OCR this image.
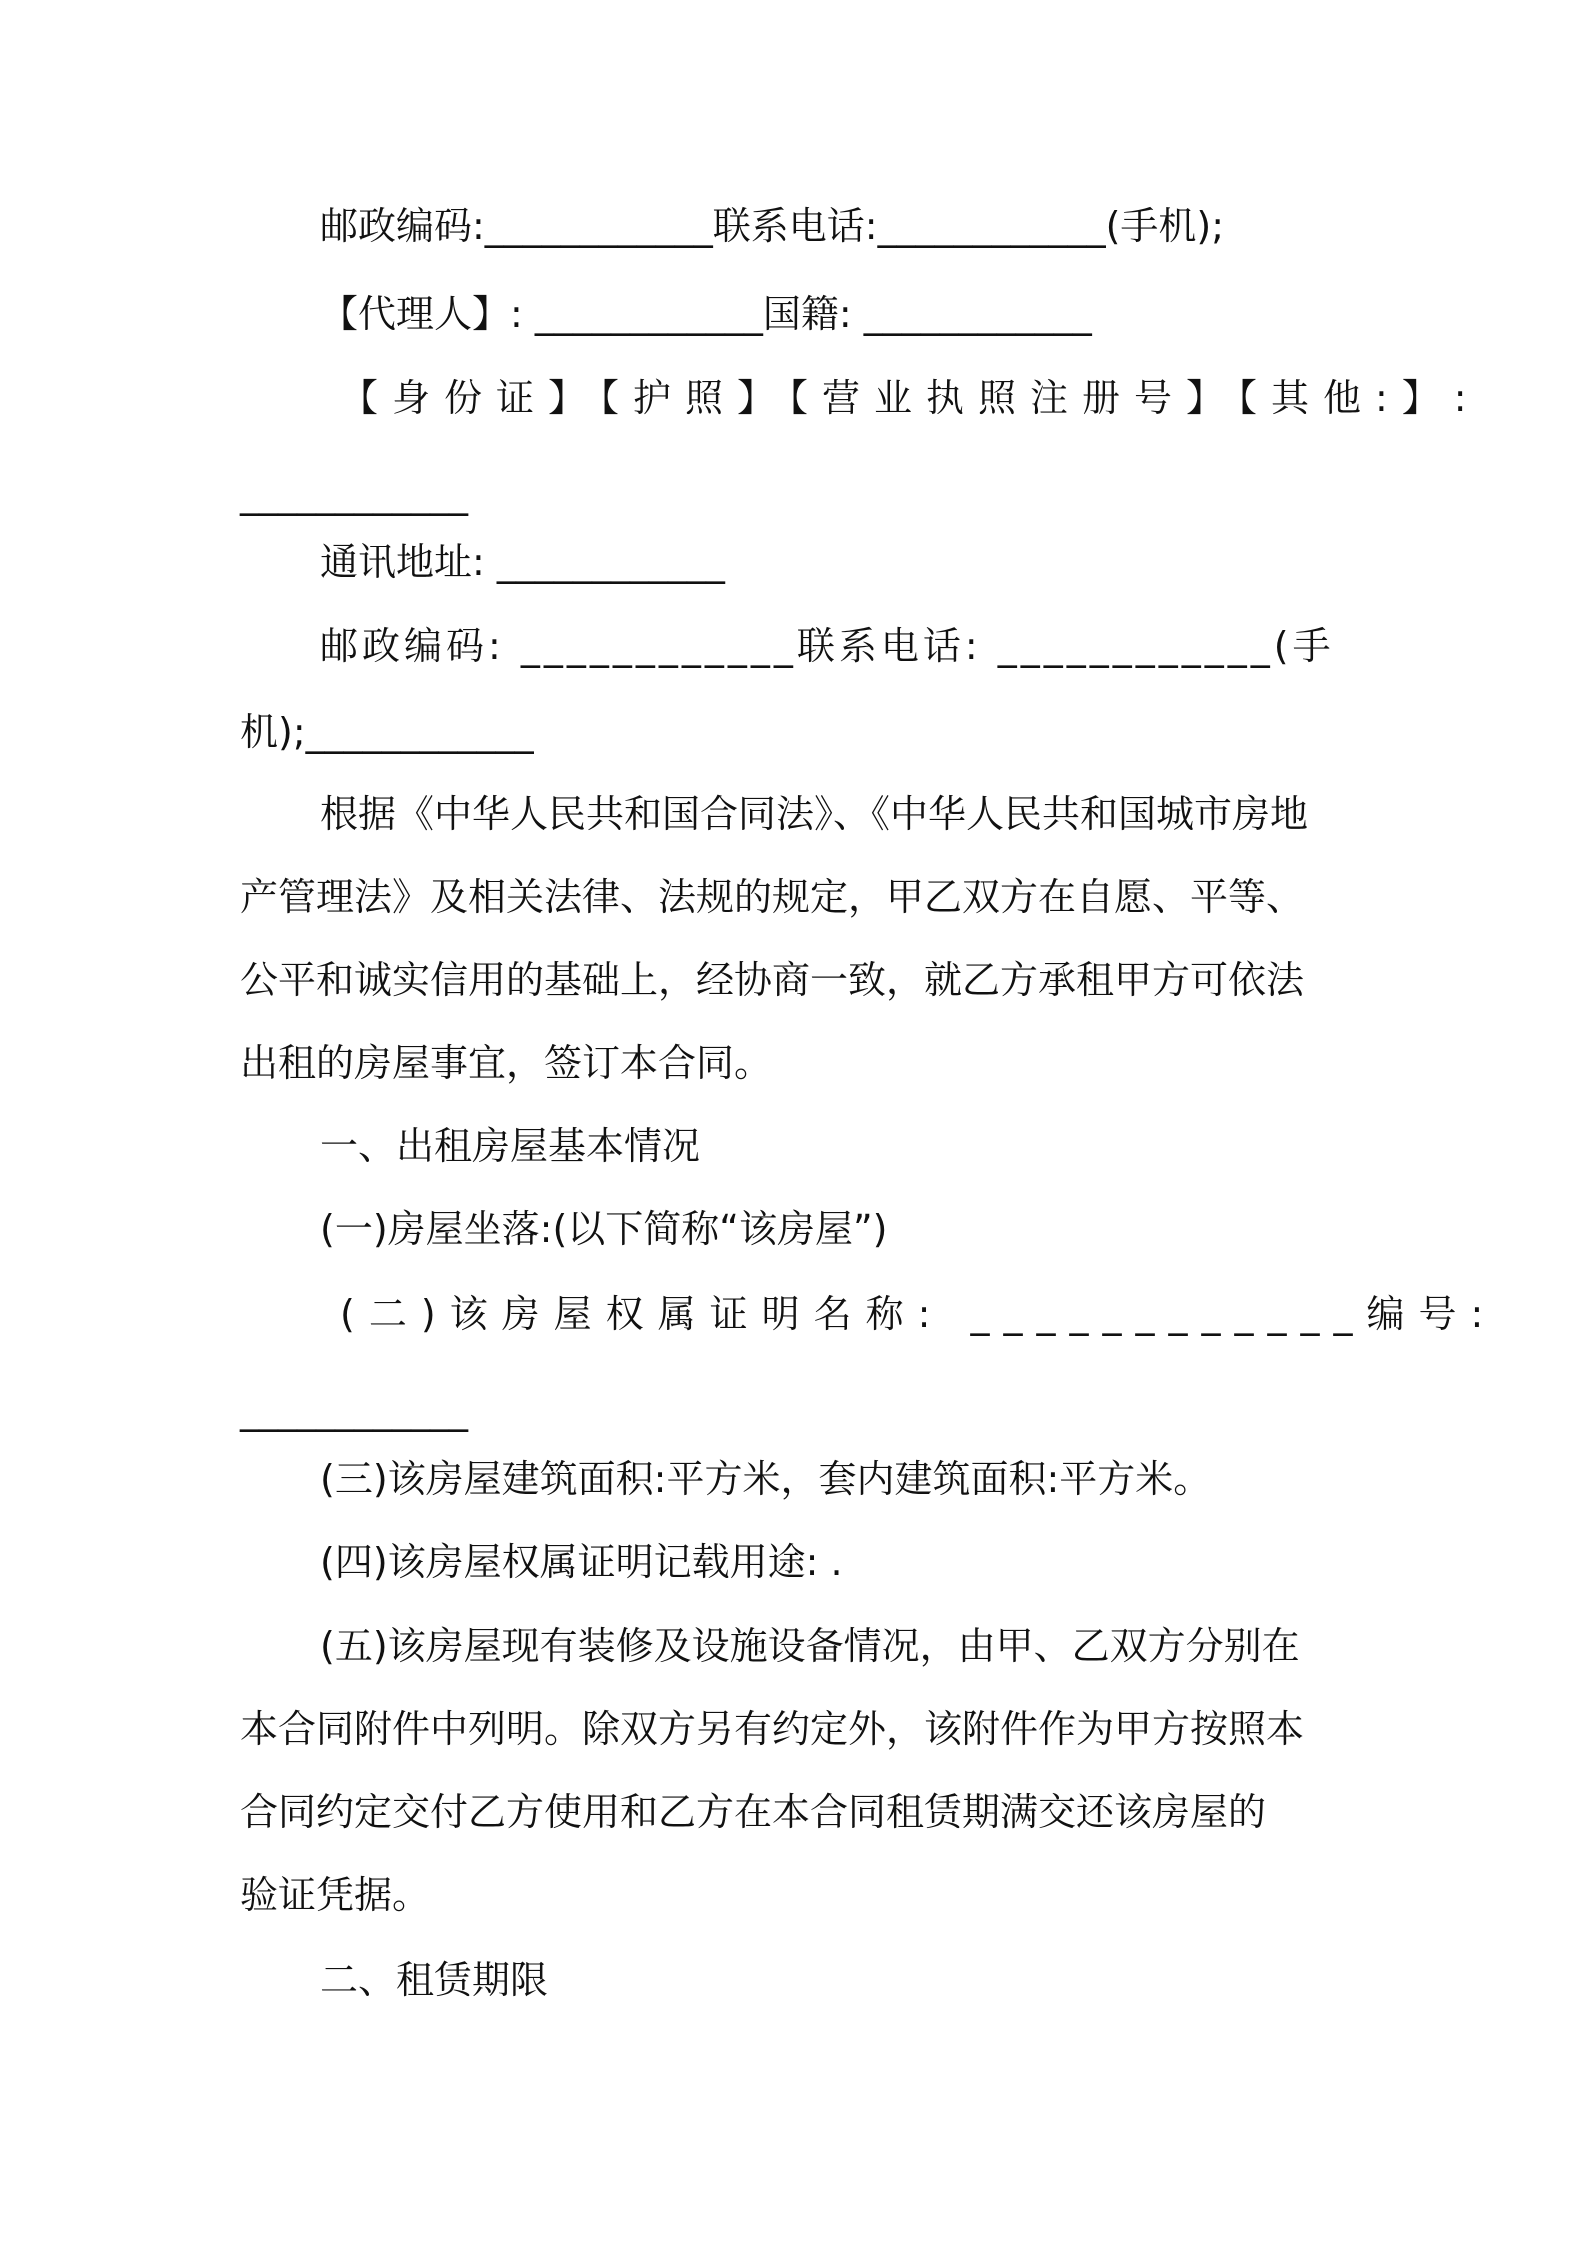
邮政编码:____________联系电话:____________(手机);
【代理人】: ____________国籍: ____________
【身份证】【护照】【营业执照注册号】【其他:】:
____________
通讯地址: ____________
邮政编码: ____________联系电话: ____________(手
机);____________
根据《中华人民共和国合同法》、《中华人民共和国城市房地
产管理法》及相关法律、法规的规定，甲乙双方在自愿、平等、
公平和诚实信用的基础上，经协商一致，就乙方承租甲方可依法
出租的房屋事宜，签订本合同。
一、出租房屋基本情况
(一)房屋坐落:(以下简称“该房屋”)
(二)该房屋权属证明名称: ____________编号:
____________
(三)该房屋建筑面积:平方米，套内建筑面积:平方米。
(四)该房屋权属证明记载用途: .
(五)该房屋现有装修及设施设备情况，由甲、乙双方分别在
本合同附件中列明。除双方另有约定外，该附件作为甲方按照本
合同约定交付乙方使用和乙方在本合同租赁期满交还该房屋的
验证凭据。
二、租赁期限
